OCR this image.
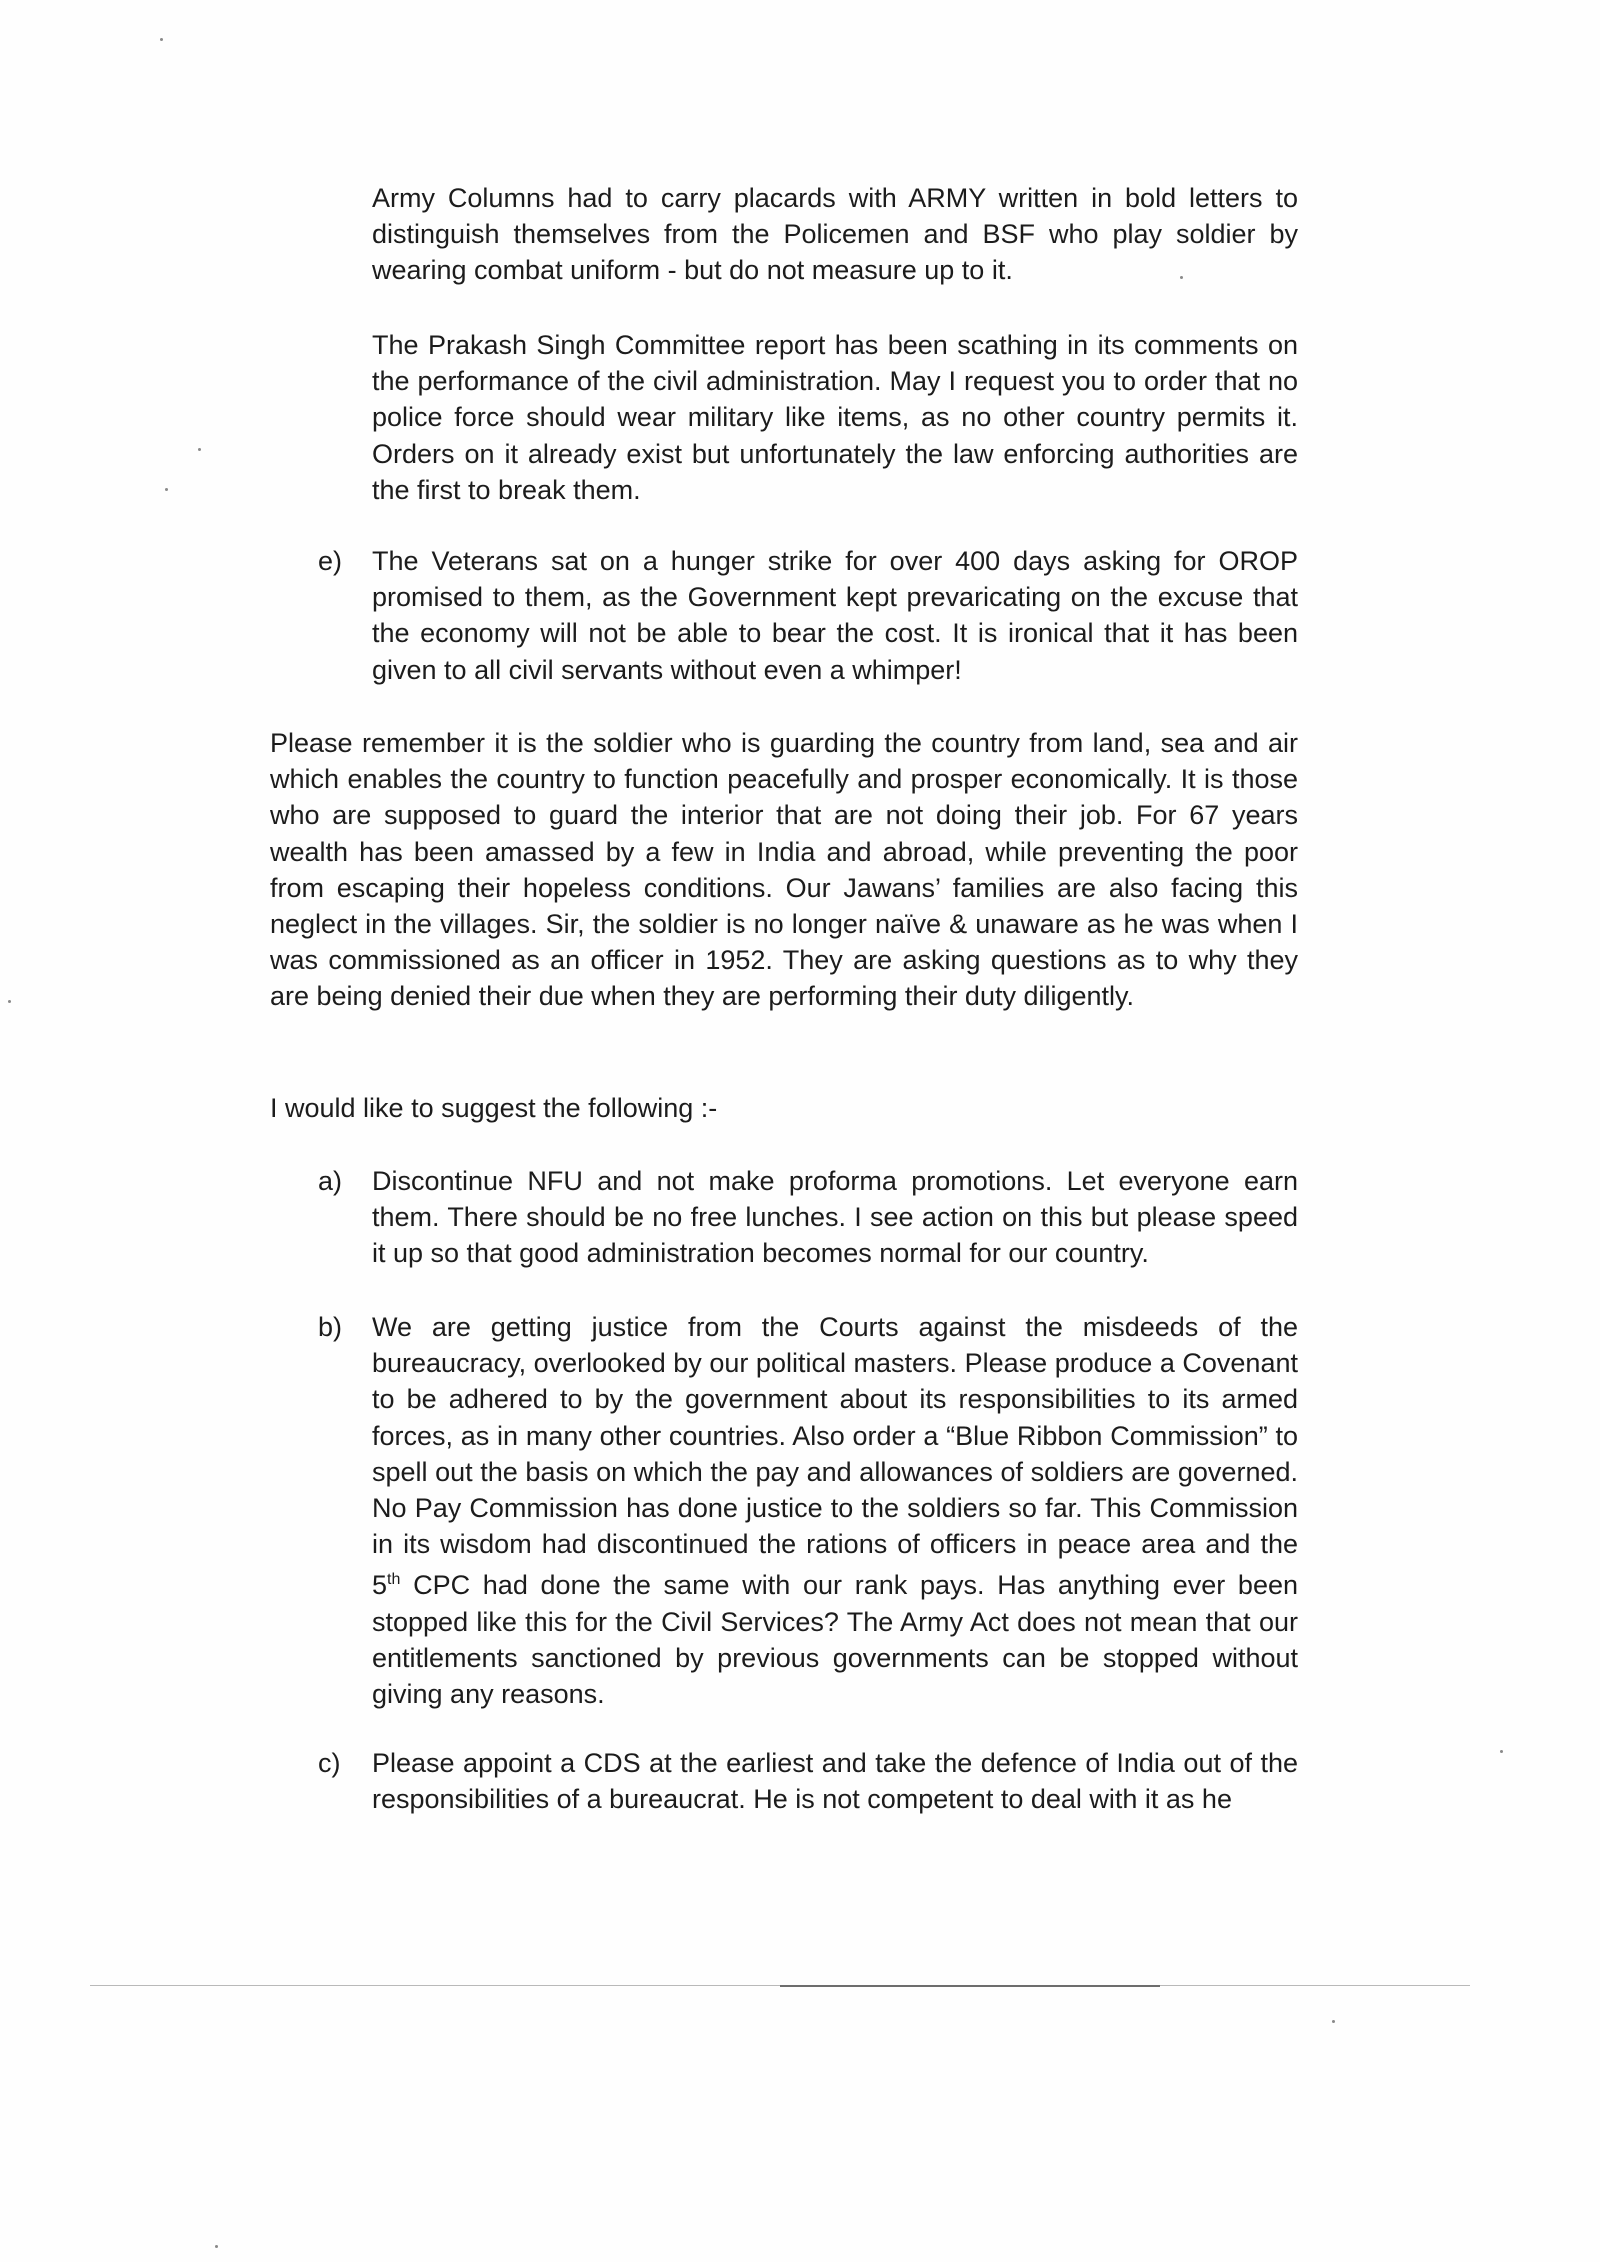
Army Columns had to carry placards with ARMY written in bold letters to distinguish themselves from the Policemen and BSF who play soldier by wearing combat uniform - but do not measure up to it.

The Prakash Singh Committee report has been scathing in its comments on the performance of the civil administration. May I request you to order that no police force should wear military like items, as no other country permits it. Orders on it already exist but unfortunately the law enforcing authorities are the first to break them.

e)	The Veterans sat on a hunger strike for over 400 days asking for OROP promised to them, as the Government kept prevaricating on the excuse that the economy will not be able to bear the cost. It is ironical that it has been given to all civil servants without even a whimper!

Please remember it is the soldier who is guarding the country from land, sea and air which enables the country to function peacefully and prosper economically. It is those who are supposed to guard the interior that are not doing their job. For 67 years wealth has been amassed by a few in India and abroad, while preventing the poor from escaping their hopeless conditions. Our Jawans’ families are also facing this neglect in the villages. Sir, the soldier is no longer naïve & unaware as he was when I was commissioned as an officer in 1952. They are asking questions as to why they are being denied their due when they are performing their duty diligently.

I would like to suggest the following :-

a)	Discontinue NFU and not make proforma promotions. Let everyone earn them. There should be no free lunches. I see action on this but please speed it up so that good administration becomes normal for our country.

b)	We are getting justice from the Courts against the misdeeds of the bureaucracy, overlooked by our political masters. Please produce a Covenant to be adhered to by the government about its responsibilities to its armed forces, as in many other countries. Also order a “Blue Ribbon Commission” to spell out the basis on which the pay and allowances of soldiers are governed. No Pay Commission has done justice to the soldiers so far. This Commission in its wisdom had discontinued the rations of officers in peace area and the 5th CPC had done the same with our rank pays. Has anything ever been stopped like this for the Civil Services? The Army Act does not mean that our entitlements sanctioned by previous governments can be stopped without giving any reasons.

c)	Please appoint a CDS at the earliest and take the defence of India out of the responsibilities of a bureaucrat. He is not competent to deal with it as he
